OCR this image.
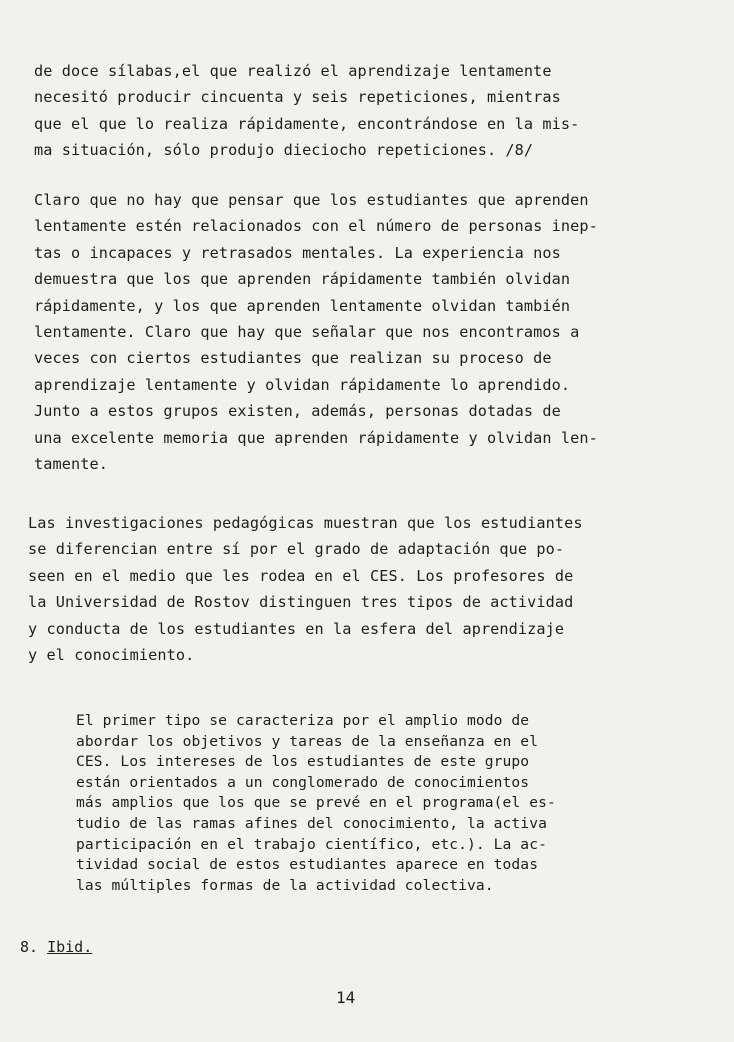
de doce sílabas,el que realizó el aprendizaje lentamente
necesitó producir cincuenta y seis repeticiones, mientras
que el que lo realiza rápidamente, encontrándose en la mis-
ma situación, sólo produjo dieciocho repeticiones. /8/
Claro que no hay que pensar que los estudiantes que aprenden
lentamente estén relacionados con el número de personas inep-
tas o incapaces y retrasados mentales. La experiencia nos
demuestra que los que aprenden rápidamente también olvidan
rápidamente, y los que aprenden lentamente olvidan también
lentamente. Claro que hay que señalar que nos encontramos a
veces con ciertos estudiantes que realizan su proceso de
aprendizaje lentamente y olvidan rápidamente lo aprendido.
Junto a estos grupos existen, además, personas dotadas de
una excelente memoria que aprenden rápidamente y olvidan len-
tamente.
Las investigaciones pedagógicas muestran que los estudiantes
se diferencian entre sí por el grado de adaptación que po-
seen en el medio que les rodea en el CES. Los profesores de
la Universidad de Rostov distinguen tres tipos de actividad
y conducta de los estudiantes en la esfera del aprendizaje
y el conocimiento.
El primer tipo se caracteriza por el amplio modo de
abordar los objetivos y tareas de la enseñanza en el
CES. Los intereses de los estudiantes de este grupo
están orientados a un conglomerado de conocimientos
más amplios que los que se prevé en el programa(el es-
tudio de las ramas afines del conocimiento, la activa
participación en el trabajo científico, etc.). La ac-
tividad social de estos estudiantes aparece en todas
las múltiples formas de la actividad colectiva.
8. Ibid.
14
